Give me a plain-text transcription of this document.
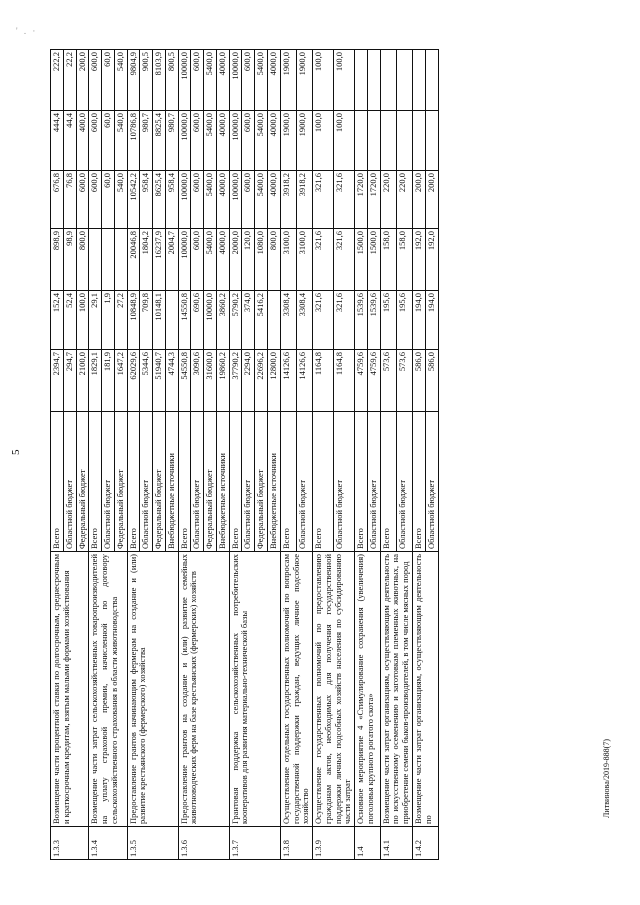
' . ·
5
Литвинова/2019-888(7)
1.3.3	Возмещение части процентной ставки по долгосрочным, среднесрочным и краткосрочным кредитам, взятым малыми формами хозяйствования	Всего	2394,7	152,4	898,9	676,8	444,4	222,2
		Областной бюджет	294,7	52,4	98,9	76,8	44,4	22,2
		Федеральный бюджет	2100,0	100,0	800,0	600,0	400,0	200,0
1.3.4	Возмещение части затрат сельскохозяйственных товаропроизводителей на уплату страховой премии, начисленной по договору сельскохозяйственного страхования в области животноводства	Всего	1829,1	29,1		600,0	600,0	600,0
		Областной бюджет	181,9	1,9		60,0	60,0	60,0
		Федеральный бюджет	1647,2	27,2		540,0	540,0	540,0
1.3.5	Предоставление грантов начинающим фермерам на создание и (или) развитие крестьянского (фермерского) хозяйства	Всего	62029,6	10848,9	20046,8	10542,2	10786,8	9804,9
		Областной бюджет	5344,6	709,8	1804,2	958,4	980,7	900,5
		Федеральный бюджет	51940,7	10148,1	16237,9	8625,4	8825,4	8103,9
		Внебюджетные источники	4744,3		2004,7	958,4	980,7	800,5
1.3.6	Предоставление грантов на создание и (или) развитие семейных животноводческих ферм на базе крестьянских (фермерских) хозяйств	Всего	54550,8	14550,8	10000,0	10000,0	10000,0	10000,0
		Областной бюджет	3090,6	690,6	600,0	600,0	600,0	600,0
		Федеральный бюджет	31600,0	10000,0	5400,0	5400,0	5400,0	5400,0
		Внебюджетные источники	19860,2	3860,2	4000,0	4000,0	4000,0	4000,0
1.3.7	Грантовая поддержка сельскохозяйственных потребительских кооперативов для развития материально-технической базы	Всего	37790,2	5790,2	2000,0	10000,0	10000,0	10000,0
		Областной бюджет	2294,0	374,0	120,0	600,0	600,0	600,0
		Федеральный бюджет	22696,2	5416,2	1080,0	5400,0	5400,0	5400,0
		Внебюджетные источники	12800,0		800,0	4000,0	4000,0	4000,0
1.3.8	Осуществление отдельных государственных полномочий по вопросам государственной поддержки граждан, ведущих личное подсобное хозяйство	Всего	14126,6	3308,4	3100,0	3918,2	1900,0	1900,0
		Областной бюджет	14126,6	3308,4	3100,0	3918,2	1900,0	1900,0
1.3.9	Осуществление государственных полномочий по предоставлению гражданам актов, необходимых для получения государственной поддержки личных подсобных хозяйств населения по субсидированию части затрат	Всего	1164,8	321,6	321,6	321,6	100,0	100,0
		Областной бюджет	1164,8	321,6	321,6	321,6	100,0	100,0
1.4	Основное мероприятие 4 «Стимулирование сохранения (увеличения) поголовья крупного рогатого скота»	Всего	4759,6	1539,6	1500,0	1720,0		
		Областной бюджет	4759,6	1539,6	1500,0	1720,0		
1.4.1	Возмещение части затрат организациям, осуществляющим деятельность по искусственному осеменению и заготовкам племенных животных, на приобретение семени быков-производителей, в том числе мясных пород	Всего	573,6	195,6	158,0	220,0		
		Областной бюджет	573,6	195,6	158,0	220,0		
1.4.2	Возмещение части затрат организациям, осуществляющим деятельность по	Всего	586,0	194,0	192,0	200,0		
		Областной бюджет	586,0	194,0	192,0	200,0		
